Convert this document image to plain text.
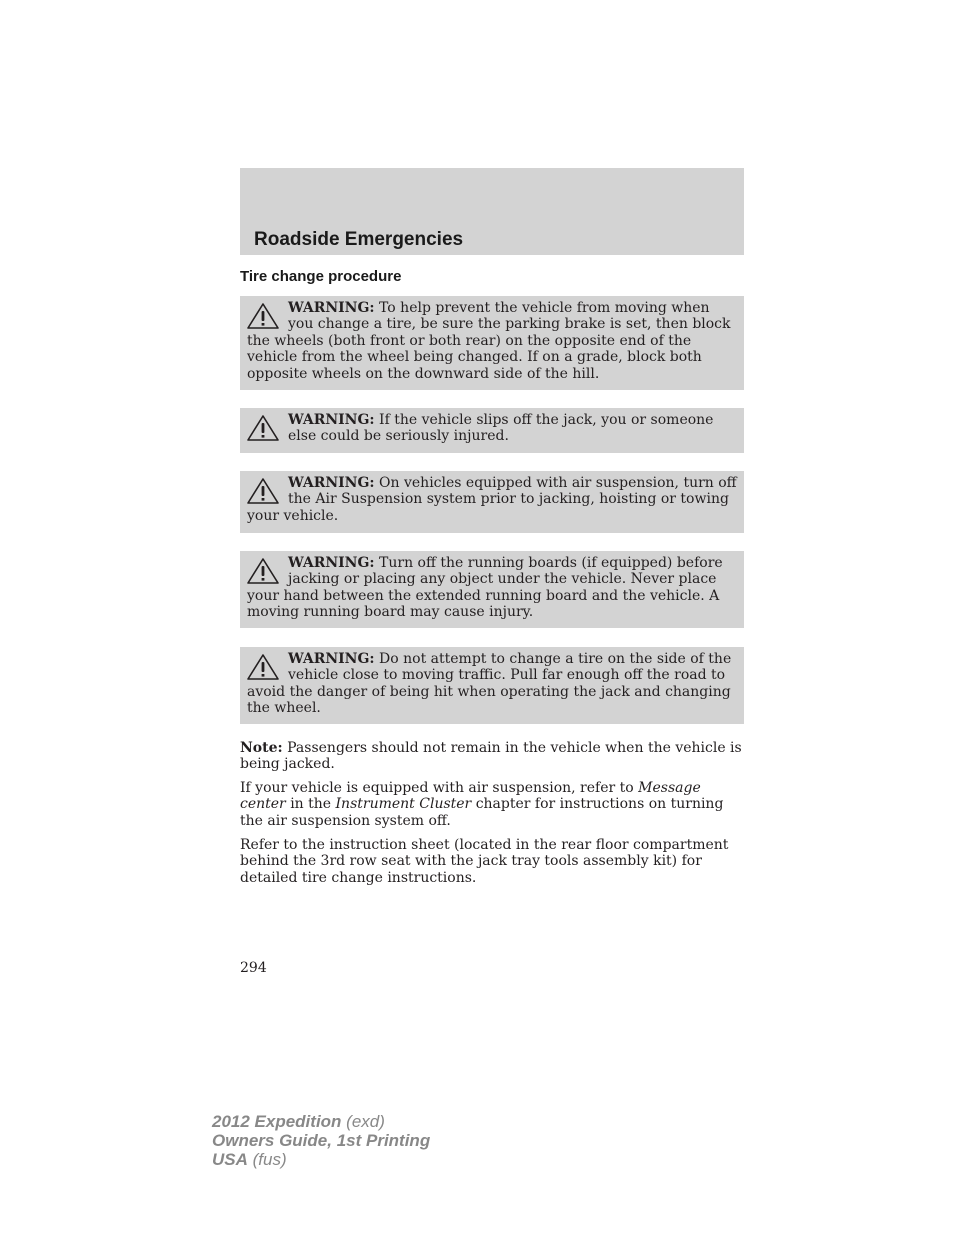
Roadside Emergencies
Tire change procedure

WARNING: To help prevent the vehicle from moving when you change a tire, be sure the parking brake is set, then block the wheels (both front or both rear) on the opposite end of the vehicle from the wheel being changed. If on a grade, block both opposite wheels on the downward side of the hill.

WARNING: If the vehicle slips off the jack, you or someone else could be seriously injured.

WARNING: On vehicles equipped with air suspension, turn off the Air Suspension system prior to jacking, hoisting or towing your vehicle.

WARNING: Turn off the running boards (if equipped) before jacking or placing any object under the vehicle. Never place your hand between the extended running board and the vehicle. A moving running board may cause injury.

WARNING: Do not attempt to change a tire on the side of the vehicle close to moving traffic. Pull far enough off the road to avoid the danger of being hit when operating the jack and changing the wheel.

Note: Passengers should not remain in the vehicle when the vehicle is being jacked.

If your vehicle is equipped with air suspension, refer to Message center in the Instrument Cluster chapter for instructions on turning the air suspension system off.

Refer to the instruction sheet (located in the rear floor compartment behind the 3rd row seat with the jack tray tools assembly kit) for detailed tire change instructions.

294

2012 Expedition (exd)
Owners Guide, 1st Printing
USA (fus)
